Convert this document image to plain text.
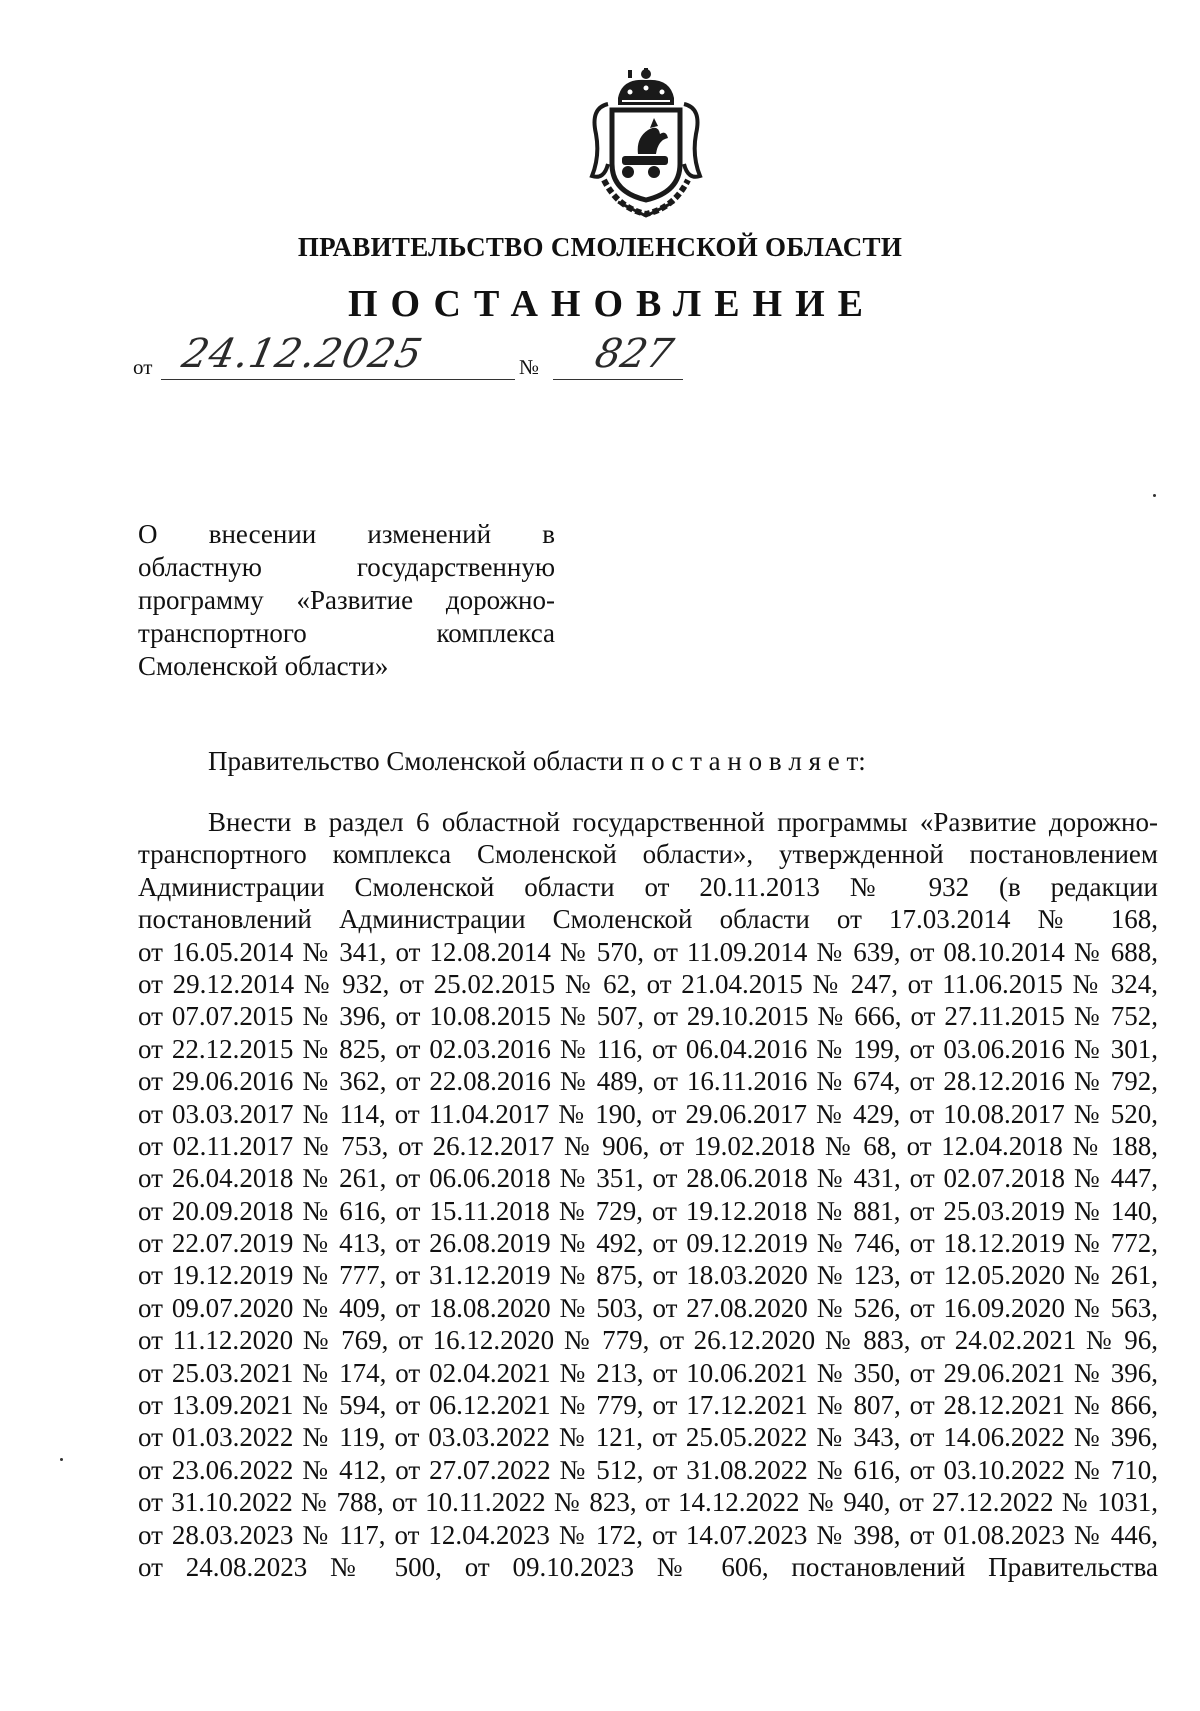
ПРАВИТЕЛЬСТВО СМОЛЕНСКОЙ ОБЛАСТИ
ПОСТАНОВЛЕНИЕ
от 24.12.2025	№ 827
О внесении изменений в
областную государственную
программу «Развитие дорожно-
транспортного комплекса
Смоленской области»
Правительство Смоленской области п о с т а н о в л я е т:
Внести в раздел 6 областной государственной программы «Развитие дорожно-
транспортного комплекса Смоленской области», утвержденной постановлением
Администрации Смоленской области от 20.11.2013 № 932 (в редакции
постановлений Администрации Смоленской области от 17.03.2014 № 168,
от 16.05.2014 № 341, от 12.08.2014 № 570, от 11.09.2014 № 639, от 08.10.2014 № 688,
от 29.12.2014 № 932, от 25.02.2015 № 62, от 21.04.2015 № 247, от 11.06.2015 № 324,
от 07.07.2015 № 396, от 10.08.2015 № 507, от 29.10.2015 № 666, от 27.11.2015 № 752,
от 22.12.2015 № 825, от 02.03.2016 № 116, от 06.04.2016 № 199, от 03.06.2016 № 301,
от 29.06.2016 № 362, от 22.08.2016 № 489, от 16.11.2016 № 674, от 28.12.2016 № 792,
от 03.03.2017 № 114, от 11.04.2017 № 190, от 29.06.2017 № 429, от 10.08.2017 № 520,
от 02.11.2017 № 753, от 26.12.2017 № 906, от 19.02.2018 № 68, от 12.04.2018 № 188,
от 26.04.2018 № 261, от 06.06.2018 № 351, от 28.06.2018 № 431, от 02.07.2018 № 447,
от 20.09.2018 № 616, от 15.11.2018 № 729, от 19.12.2018 № 881, от 25.03.2019 № 140,
от 22.07.2019 № 413, от 26.08.2019 № 492, от 09.12.2019 № 746, от 18.12.2019 № 772,
от 19.12.2019 № 777, от 31.12.2019 № 875, от 18.03.2020 № 123, от 12.05.2020 № 261,
от 09.07.2020 № 409, от 18.08.2020 № 503, от 27.08.2020 № 526, от 16.09.2020 № 563,
от 11.12.2020 № 769, от 16.12.2020 № 779, от 26.12.2020 № 883, от 24.02.2021 № 96,
от 25.03.2021 № 174, от 02.04.2021 № 213, от 10.06.2021 № 350, от 29.06.2021 № 396,
от 13.09.2021 № 594, от 06.12.2021 № 779, от 17.12.2021 № 807, от 28.12.2021 № 866,
от 01.03.2022 № 119, от 03.03.2022 № 121, от 25.05.2022 № 343, от 14.06.2022 № 396,
от 23.06.2022 № 412, от 27.07.2022 № 512, от 31.08.2022 № 616, от 03.10.2022 № 710,
от 31.10.2022 № 788, от 10.11.2022 № 823, от 14.12.2022 № 940, от 27.12.2022 № 1031,
от 28.03.2023 № 117, от 12.04.2023 № 172, от 14.07.2023 № 398, от 01.08.2023 № 446,
от 24.08.2023 № 500, от 09.10.2023 № 606, постановлений Правительства
